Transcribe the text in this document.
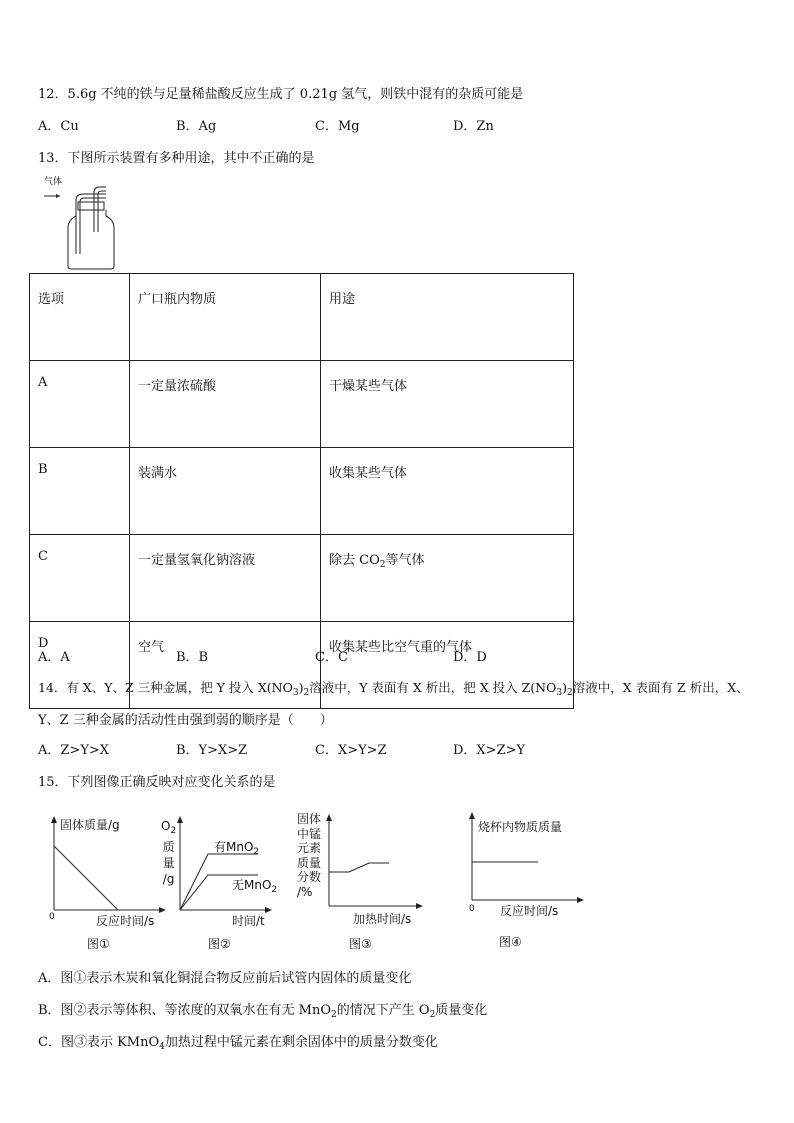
12．5.6g 不纯的铁与足量稀盐酸反应生成了 0.21g 氢气，则铁中混有的杂质可能是
A．Cu	B．Ag	C．Mg	D．Zn
13．下图所示装置有多种用途，其中不正确的是
气体
选项	广口瓶内物质	用途
A	一定量浓硫酸	干燥某些气体
B	装满水	收集某些气体
C	一定量氢氧化钠溶液	除去 $CO_2$等气体
D	空气	收集某些比空气重的气体
A．A	B．B	C．C	D．D
14．有 X、Y、Z 三种金属，把 Y 投入 $X(NO_3)_2$溶液中，Y 表面有 X 析出，把 X 投入 $Z(NO_3)_2$溶液中，X 表面有 Z 析出，X、
Y、Z 三种金属的活动性由强到弱的顺序是（　　）
A．Z>Y>X	B．Y>X>Z	C．X>Y>Z	D．X>Z>Y
15．下列图像正确反映对应变化关系的是
固体质量/g
0	反应时间/s
图①
$O_2$
质
量
/g
有MnO$_2$
无MnO$_2$
时间/t
图②
固体
中锰
元素
质量
分数
/%
加热时间/s
图③
烧杯内物质质量
0 反应时间/s
图④
A．图①表示木炭和氧化铜混合物反应前后试管内固体的质量变化
B．图②表示等体积、等浓度的双氧水在有无 MnO$_2$的情况下产生 $O_2$质量变化
C．图③表示 KMnO$_4$加热过程中锰元素在剩余固体中的质量分数变化
